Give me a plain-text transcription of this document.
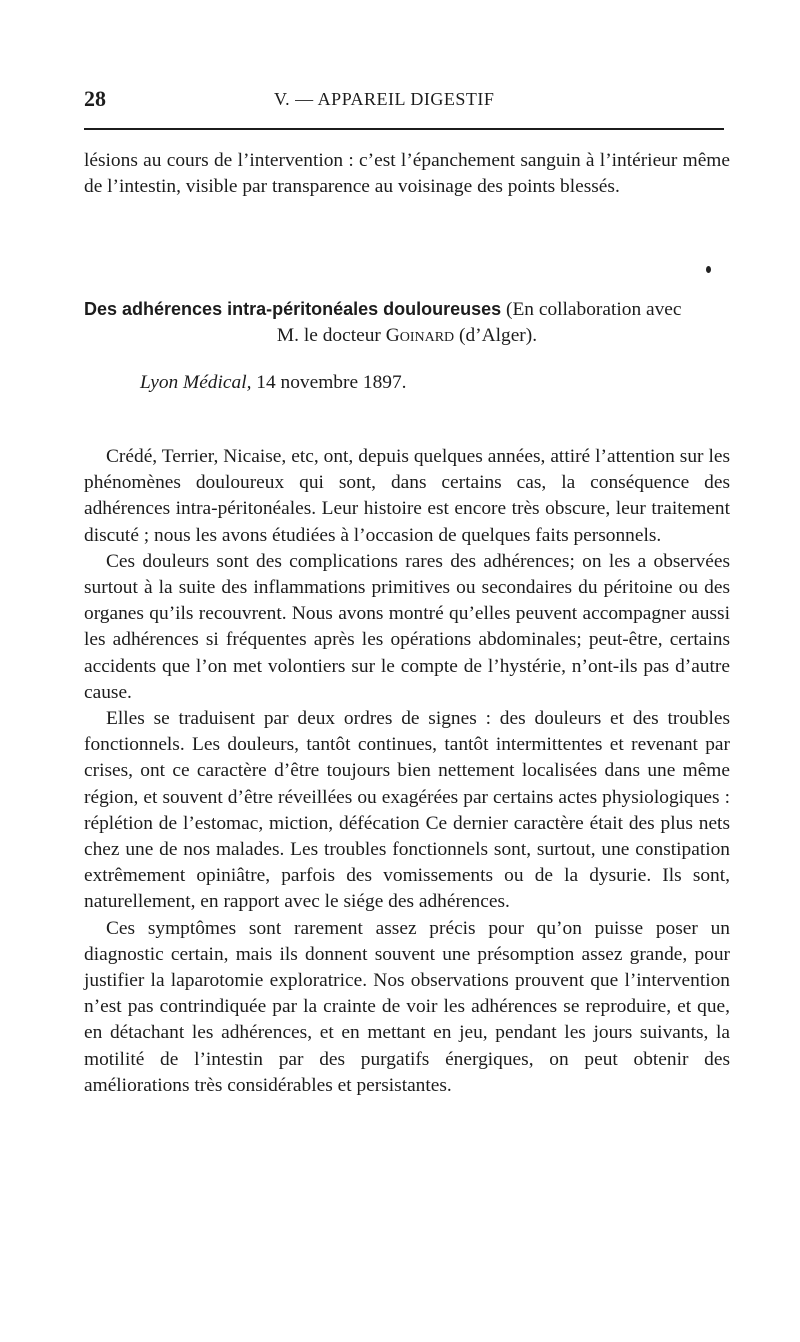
28	V. — APPAREIL DIGESTIF

lésions au cours de l’intervention : c’est l’épanchement sanguin à l’intérieur même de l’intestin, visible par transparence au voisinage des points blessés.

Des adhérences intra-péritonéales douloureuses (En collaboration avec
M. le docteur Goinard (d’Alger).
Lyon Médical, 14 novembre 1897.

Crédé, Terrier, Nicaise, etc, ont, depuis quelques années, attiré l’attention sur les phénomènes douloureux qui sont, dans certains cas, la conséquence des adhérences intra-péritonéales. Leur histoire est encore très obscure, leur traitement discuté ; nous les avons étudiées à l’occasion de quelques faits personnels.

Ces douleurs sont des complications rares des adhérences; on les a observées surtout à la suite des inflammations primitives ou secondaires du péritoine ou des organes qu’ils recouvrent. Nous avons montré qu’elles peuvent accompagner aussi les adhérences si fréquentes après les opérations abdominales; peut-être, certains accidents que l’on met volontiers sur le compte de l’hystérie, n’ont-ils pas d’autre cause.

Elles se traduisent par deux ordres de signes : des douleurs et des troubles fonctionnels. Les douleurs, tantôt continues, tantôt intermittentes et revenant par crises, ont ce caractère d’être toujours bien nettement localisées dans une même région, et souvent d’être réveillées ou exagérées par certains actes physiologiques : réplétion de l’estomac, miction, défécation Ce dernier caractère était des plus nets chez une de nos malades. Les troubles fonctionnels sont, surtout, une constipation extrêmement opiniâtre, parfois des vomissements ou de la dysurie. Ils sont, naturellement, en rapport avec le siége des adhérences.

Ces symptômes sont rarement assez précis pour qu’on puisse poser un diagnostic certain, mais ils donnent souvent une présomption assez grande, pour justifier la laparotomie exploratrice. Nos observations prouvent que l’intervention n’est pas contrindiquée par la crainte de voir les adhérences se reproduire, et que, en détachant les adhérences, et en mettant en jeu, pendant les jours suivants, la motilité de l’intestin par des purgatifs énergiques, on peut obtenir des améliorations très considérables et persistantes.
